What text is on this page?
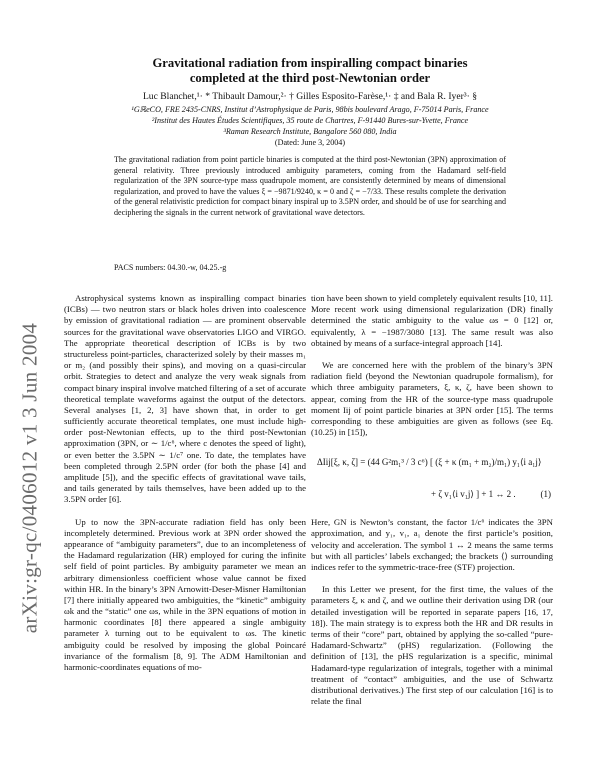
arXiv:gr-qc/0406012 v1 3 Jun 2004
Gravitational radiation from inspiralling compact binaries
completed at the third post-Newtonian order
Luc Blanchet,¹· * Thibault Damour,²· † Gilles Esposito-Farèse,¹· ‡ and Bala R. Iyer³· §
¹GℝeCO, FRE 2435-CNRS, Institut d’Astrophysique de Paris, 98bis boulevard Arago, F-75014 Paris, France
²Institut des Hautes Études Scientifiques, 35 route de Chartres, F-91440 Bures-sur-Yvette, France
³Raman Research Institute, Bangalore 560 080, India
(Dated: June 3, 2004)
The gravitational radiation from point particle binaries is computed at the third post-Newtonian (3PN) approximation of general relativity. Three previously introduced ambiguity parameters, coming from the Hadamard self-field regularization of the 3PN source-type mass quadrupole moment, are consistently determined by means of dimensional regularization, and proved to have the values ξ = −9871/9240, κ = 0 and ζ = −7/33. These results complete the derivation of the general relativistic prediction for compact binary inspiral up to 3.5PN order, and should be of use for searching and deciphering the signals in the current network of gravitational wave detectors.
PACS numbers: 04.30.-w, 04.25.-g

Astrophysical systems known as inspiralling compact binaries (ICBs) — two neutron stars or black holes driven into coalescence by emission of gravitational radiation — are prominent observable sources for the gravitational wave observatories LIGO and VIRGO. The appropriate theoretical description of ICBs is by two structureless point-particles, characterized solely by their masses m₁ or m₂ (and possibly their spins), and moving on a quasi-circular orbit. Strategies to detect and analyze the very weak signals from compact binary inspiral involve matched filtering of a set of accurate theoretical template waveforms against the output of the detectors. Several analyses [1, 2, 3] have shown that, in order to get sufficiently accurate theoretical templates, one must include high-order post-Newtonian effects, up to the third post-Newtonian approximation (3PN, or ∼ 1/c⁶, where c denotes the speed of light), or even better the 3.5PN ∼ 1/c⁷ one. To date, the templates have been completed through 2.5PN order (for both the phase [4] and amplitude [5]), and the specific effects of gravitational wave tails, and tails generated by tails themselves, have been added up to the 3.5PN order [6].

Up to now the 3PN-accurate radiation field has only been incompletely determined. Previous work at 3PN order showed the appearance of “ambiguity parameters”, due to an incompleteness of the Hadamard regularization (HR) employed for curing the infinite self field of point particles. By ambiguity parameter we mean an arbitrary dimensionless coefficient whose value cannot be fixed within HR. In the binary’s 3PN Arnowitt-Deser-Misner Hamiltonian [7] there initially appeared two ambiguities, the “kinetic” ambiguity ωk and the “static” one ωs, while in the 3PN equations of motion in harmonic coordinates [8] there appeared a single ambiguity parameter λ turning out to be equivalent to ωs. The kinetic ambiguity could be resolved by imposing the global Poincaré invariance of the formalism [8, 9]. The ADM Hamiltonian and harmonic-coordinates equations of mo-

tion have been shown to yield completely equivalent results [10, 11]. More recent work using dimensional regularization (DR) finally determined the static ambiguity to the value ωs = 0 [12] or, equivalently, λ = −1987/3080 [13]. The same result was also obtained by means of a surface-integral approach [14].

We are concerned here with the problem of the binary’s 3PN radiation field (beyond the Newtonian quadrupole formalism), for which three ambiguity parameters, ξ, κ, ζ, have been shown to appear, coming from the HR of the source-type mass quadrupole moment Iij of point particle binaries at 3PN order [15]. The terms corresponding to these ambiguities are given as follows (see Eq. (10.25) in [15]),

ΔIij[ξ, κ, ζ] = (44 G²m₁³ / 3 c⁶) [ (ξ + κ (m₁ + m₂)/m₁) y₁⟨i a₁j⟩
+ ζ v₁⟨i v₁j⟩ ] + 1 ↔ 2 .	(1)

Here, GN is Newton’s constant, the factor 1/c⁶ indicates the 3PN approximation, and y₁, v₁, a₁ denote the first particle’s position, velocity and acceleration. The symbol 1 ↔ 2 means the same terms but with all particles’ labels exchanged; the brackets ⟨⟩ surrounding indices refer to the symmetric-trace-free (STF) projection.

In this Letter we present, for the first time, the values of the parameters ξ, κ and ζ, and we outline their derivation using DR (our detailed investigation will be reported in separate papers [16, 17, 18]). The main strategy is to express both the HR and DR results in terms of their “core” part, obtained by applying the so-called “pure-Hadamard-Schwartz” (pHS) regularization. (Following the definition of [13], the pHS regularization is a specific, minimal Hadamard-type regularization of integrals, together with a minimal treatment of “contact” ambiguities, and the use of Schwartz distributional derivatives.) The first step of our calculation [16] is to relate the final
